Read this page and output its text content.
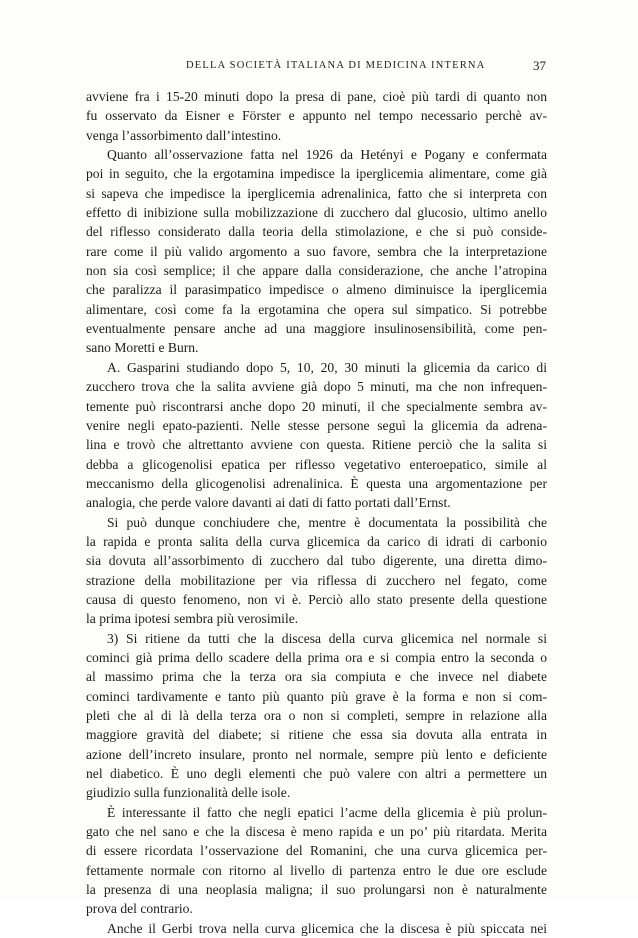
DELLA SOCIETÀ ITALIANA DI MEDICINA INTERNA	37
avviene fra i 15-20 minuti dopo la presa di pane, cioè più tardi di quanto non
fu osservato da Eisner e Förster e appunto nel tempo necessario perchè av-
venga l’assorbimento dall’intestino.
Quanto all’osservazione fatta nel 1926 da Hetényi e Pogany e confermata
poi in seguito, che la ergotamina impedisce la iperglicemia alimentare, come già
si sapeva che impedisce la iperglicemia adrenalinica, fatto che si interpreta con
effetto di inibizione sulla mobilizzazione di zucchero dal glucosio, ultimo anello
del riflesso considerato dalla teoria della stimolazione, e che si può conside-
rare come il più valido argomento a suo favore, sembra che la interpretazione
non sia così semplice; il che appare dalla considerazione, che anche l’atropina
che paralizza il parasimpatico impedisce o almeno diminuisce la iperglicemia
alimentare, così come fa la ergotamina che opera sul simpatico. Si potrebbe
eventualmente pensare anche ad una maggiore insulinosensibilità, come pen-
sano Moretti e Burn.
A. Gasparini studiando dopo 5, 10, 20, 30 minuti la glicemia da carico di
zucchero trova che la salita avviene già dopo 5 minuti, ma che non infrequen-
temente può riscontrarsi anche dopo 20 minuti, il che specialmente sembra av-
venire negli epato-pazienti. Nelle stesse persone seguì la glicemia da adrena-
lina e trovò che altrettanto avviene con questa. Ritiene perciò che la salita si
debba a glicogenolisi epatica per riflesso vegetativo enteroepatico, simile al
meccanismo della glicogenolisi adrenalinica. È questa una argomentazione per
analogia, che perde valore davanti ai dati di fatto portati dall’Ernst.
Si può dunque conchiudere che, mentre è documentata la possibilità che
la rapida e pronta salita della curva glicemica da carico di idrati di carbonio
sia dovuta all’assorbimento di zucchero dal tubo digerente, una diretta dimo-
strazione della mobilitazione per via riflessa di zucchero nel fegato, come
causa di questo fenomeno, non vi è. Perciò allo stato presente della questione
la prima ipotesi sembra più verosimile.
3) Si ritiene da tutti che la discesa della curva glicemica nel normale si
cominci già prima dello scadere della prima ora e si compia entro la seconda o
al massimo prima che la terza ora sia compiuta e che invece nel diabete
cominci tardivamente e tanto più quanto più grave è la forma e non si com-
pleti che al di là della terza ora o non si completi, sempre in relazione alla
maggiore gravità del diabete; si ritiene che essa sia dovuta alla entrata in
azione dell’increto insulare, pronto nel normale, sempre più lento e deficiente
nel diabetico. È uno degli elementi che può valere con altri a permettere un
giudizio sulla funzionalità delle isole.
È interessante il fatto che negli epatici l’acme della glicemia è più prolun-
gato che nel sano e che la discesa è meno rapida e un po’ più ritardata. Merita
di essere ricordata l’osservazione del Romanini, che una curva glicemica per-
fettamente normale con ritorno al livello di partenza entro le due ore esclude
la presenza di una neoplasia maligna; il suo prolungarsi non è naturalmente
prova del contrario.
Anche il Gerbi trova nella curva glicemica che la discesa è più spiccata nei
